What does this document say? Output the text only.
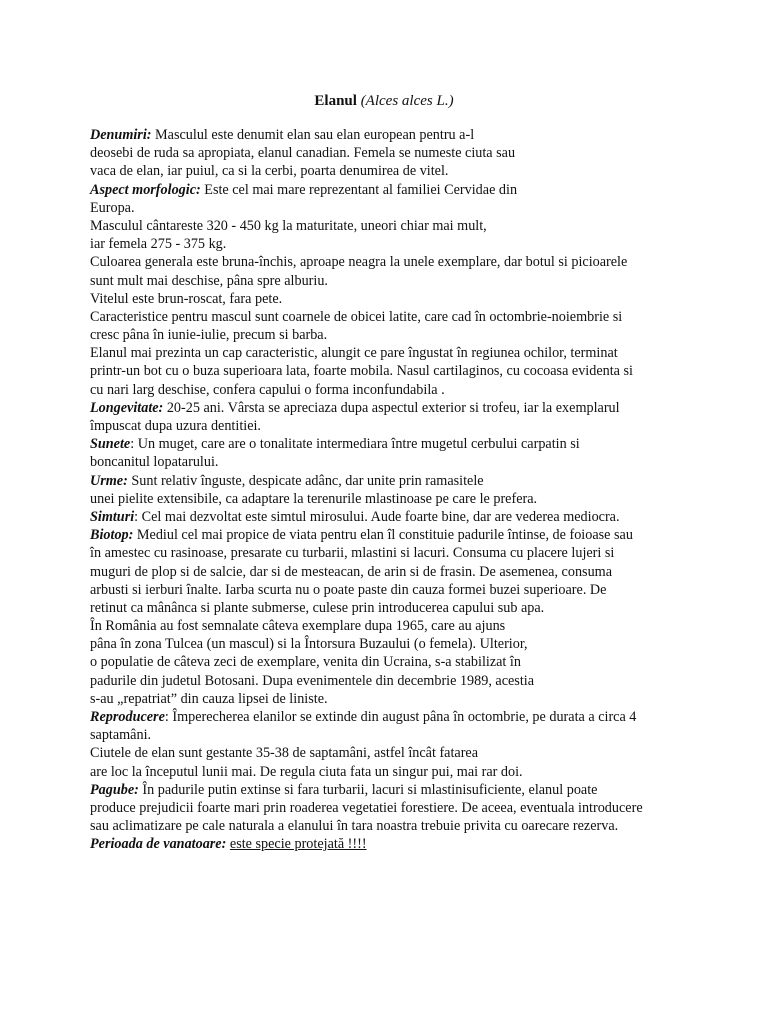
Elanul (Alces alces L.)
Denumiri: Masculul este denumit elan sau elan european pentru a-l
deosebi de ruda sa apropiata, elanul canadian. Femela se numeste ciuta sau
vaca de elan, iar puiul, ca si la cerbi, poarta denumirea de vitel.
Aspect morfologic: Este cel mai mare reprezentant al familiei Cervidae din
Europa.
Masculul cântareste 320 - 450 kg la maturitate, uneori chiar mai mult,
iar femela 275 - 375 kg.
Culoarea generala este bruna-închis, aproape neagra la unele exemplare, dar botul si picioarele
sunt mult mai deschise, pâna spre alburiu.
Vitelul este brun-roscat, fara pete.
Caracteristice pentru mascul sunt coarnele de obicei latite, care cad în octombrie-noiembrie si
cresc pâna în iunie-iulie, precum si barba.
Elanul mai prezinta un cap caracteristic, alungit ce pare îngustat în regiunea ochilor, terminat
printr-un bot cu o buza superioara lata, foarte mobila. Nasul cartilaginos, cu cocoasa evidenta si
cu nari larg deschise, confera capului o forma inconfundabila .
Longevitate: 20-25 ani. Vârsta se apreciaza dupa aspectul exterior si trofeu, iar la exemplarul
împuscat dupa uzura dentitiei.
Sunete: Un muget, care are o tonalitate intermediara între mugetul cerbului carpatin si
boncanitul lopatarului.
Urme: Sunt relativ înguste, despicate adânc, dar unite prin ramasitele
unei pielite extensibile, ca adaptare la terenurile mlastinoase pe care le prefera.
Simturi: Cel mai dezvoltat este simtul mirosului. Aude foarte bine, dar are vederea mediocra.
Biotop: Mediul cel mai propice de viata pentru elan îl constituie padurile întinse, de foioase sau
în amestec cu rasinoase, presarate cu turbarii, mlastini si lacuri. Consuma cu placere lujeri si
muguri de plop si de salcie, dar si de mesteacan, de arin si de frasin. De asemenea, consuma
arbusti si ierburi înalte. Iarba scurta nu o poate paste din cauza formei buzei superioare. De
retinut ca mânânca si plante submerse, culese prin introducerea capului sub apa.
În România au fost semnalate câteva exemplare dupa 1965, care au ajuns
pâna în zona Tulcea (un mascul) si la Întorsura Buzaului (o femela). Ulterior,
o populatie de câteva zeci de exemplare, venita din Ucraina, s-a stabilizat în
padurile din judetul Botosani. Dupa evenimentele din decembrie 1989, acestia
s-au „repatriat” din cauza lipsei de liniste.
Reproducere: Împerecherea elanilor se extinde din august pâna în octombrie, pe durata a circa 4
saptamâni.
Ciutele de elan sunt gestante 35-38 de saptamâni, astfel încât fatarea
are loc la începutul lunii mai. De regula ciuta fata un singur pui, mai rar doi.
Pagube: În padurile putin extinse si fara turbarii, lacuri si mlastinisuficiente, elanul poate
produce prejudicii foarte mari prin roaderea vegetatiei forestiere. De aceea, eventuala introducere
sau aclimatizare pe cale naturala a elanului în tara noastra trebuie privita cu oarecare rezerva.
Perioada de vanatoare: este specie protejată !!!!
